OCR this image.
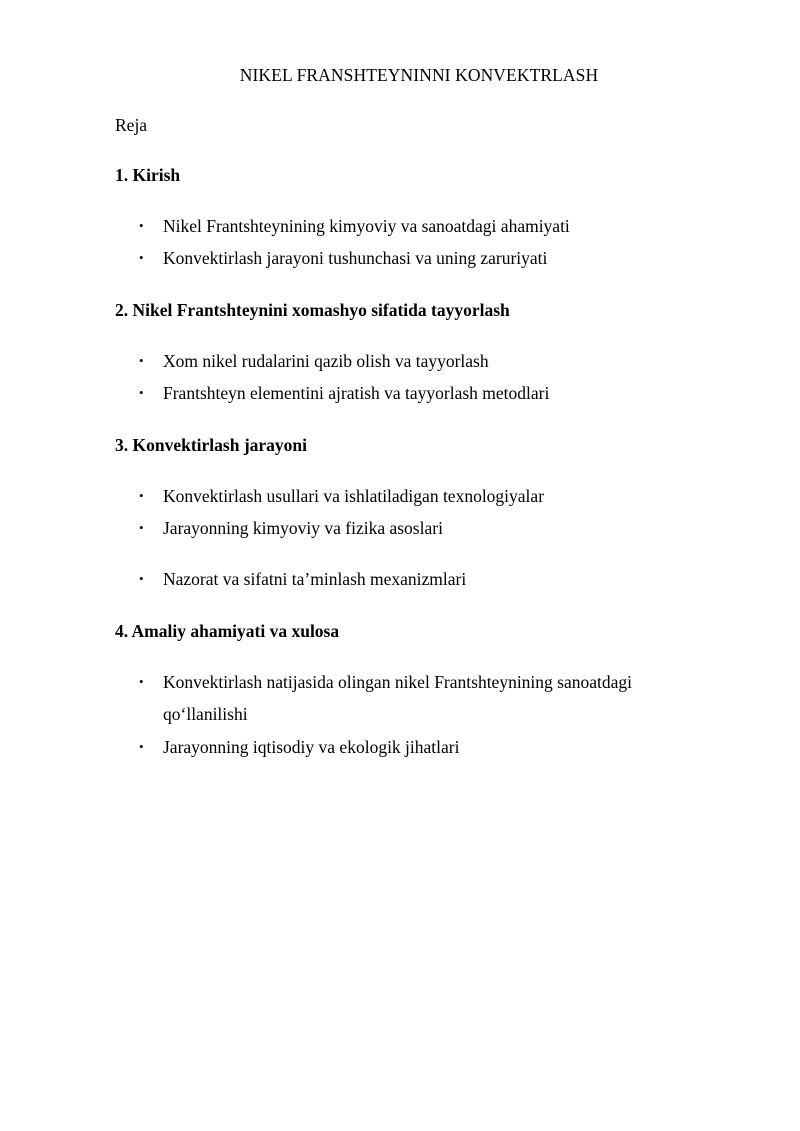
NIKEL FRANSHTEYNINNI KONVEKTRLASH
Reja
1. Kirish
•	Nikel Frantshteynining kimyoviy va sanoatdagi ahamiyati
•	Konvektirlash jarayoni tushunchasi va uning zaruriyati
2. Nikel Frantshteynini xomashyo sifatida tayyorlash
•	Xom nikel rudalarini qazib olish va tayyorlash
•	Frantshteyn elementini ajratish va tayyorlash metodlari
3. Konvektirlash jarayoni
•	Konvektirlash usullari va ishlatiladigan texnologiyalar
•	Jarayonning kimyoviy va fizika asoslari
•	Nazorat va sifatni ta’minlash mexanizmlari
4. Amaliy ahamiyati va xulosa
•	Konvektirlash natijasida olingan nikel Frantshteynining sanoatdagi qo‘llanilishi
•	Jarayonning iqtisodiy va ekologik jihatlari
